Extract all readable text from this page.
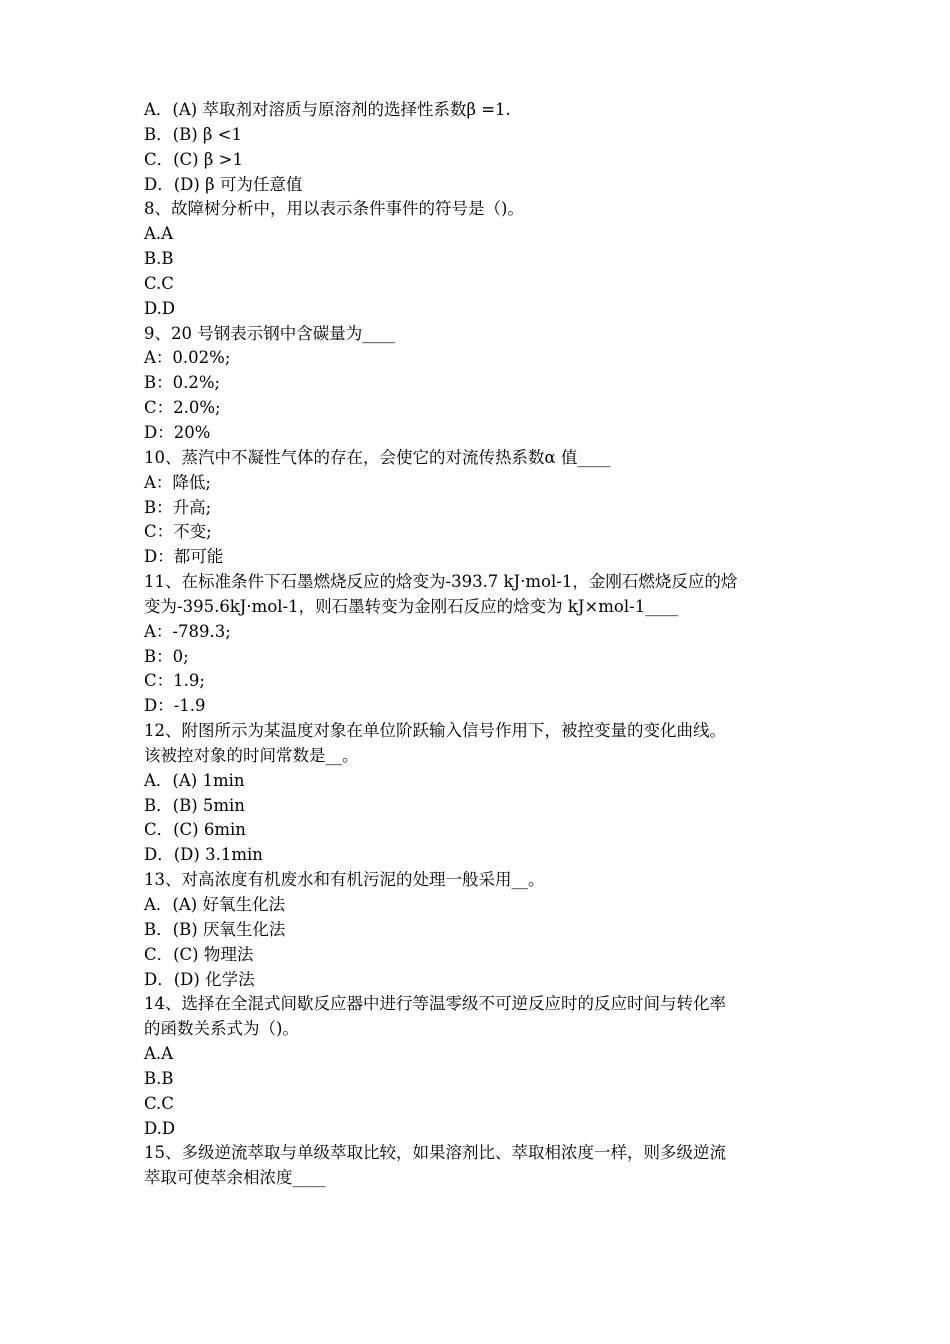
A．(A) 萃取剂对溶质与原溶剂的选择性系数β =1.
B．(B) β <1
C．(C) β >1
D．(D) β 可为任意值
8、故障树分析中，用以表示条件事件的符号是（)。
A.A
B.B
C.C
D.D
9、20 号钢表示钢中含碳量为____
A：0.02%;
B：0.2%;
C：2.0%;
D：20%
10、蒸汽中不凝性气体的存在，会使它的对流传热系数α 值____
A：降低;
B：升高;
C：不变;
D：都可能
11、在标准条件下石墨燃烧反应的焓变为-393.7 kJ·mol-1，金刚石燃烧反应的焓
变为-395.6kJ·mol-1，则石墨转变为金刚石反应的焓变为 kJ×mol-1____
A：-789.3;
B：0;
C：1.9;
D：-1.9
12、附图所示为某温度对象在单位阶跃输入信号作用下，被控变量的变化曲线。
该被控对象的时间常数是__。
A．(A) 1min
B．(B) 5min
C．(C) 6min
D．(D) 3.1min
13、对高浓度有机废水和有机污泥的处理一般采用__。
A．(A) 好氧生化法
B．(B) 厌氧生化法
C．(C) 物理法
D．(D) 化学法
14、选择在全混式间歇反应器中进行等温零级不可逆反应时的反应时间与转化率
的函数关系式为（)。
A.A
B.B
C.C
D.D
15、多级逆流萃取与单级萃取比较，如果溶剂比、萃取相浓度一样，则多级逆流
萃取可使萃余相浓度____
